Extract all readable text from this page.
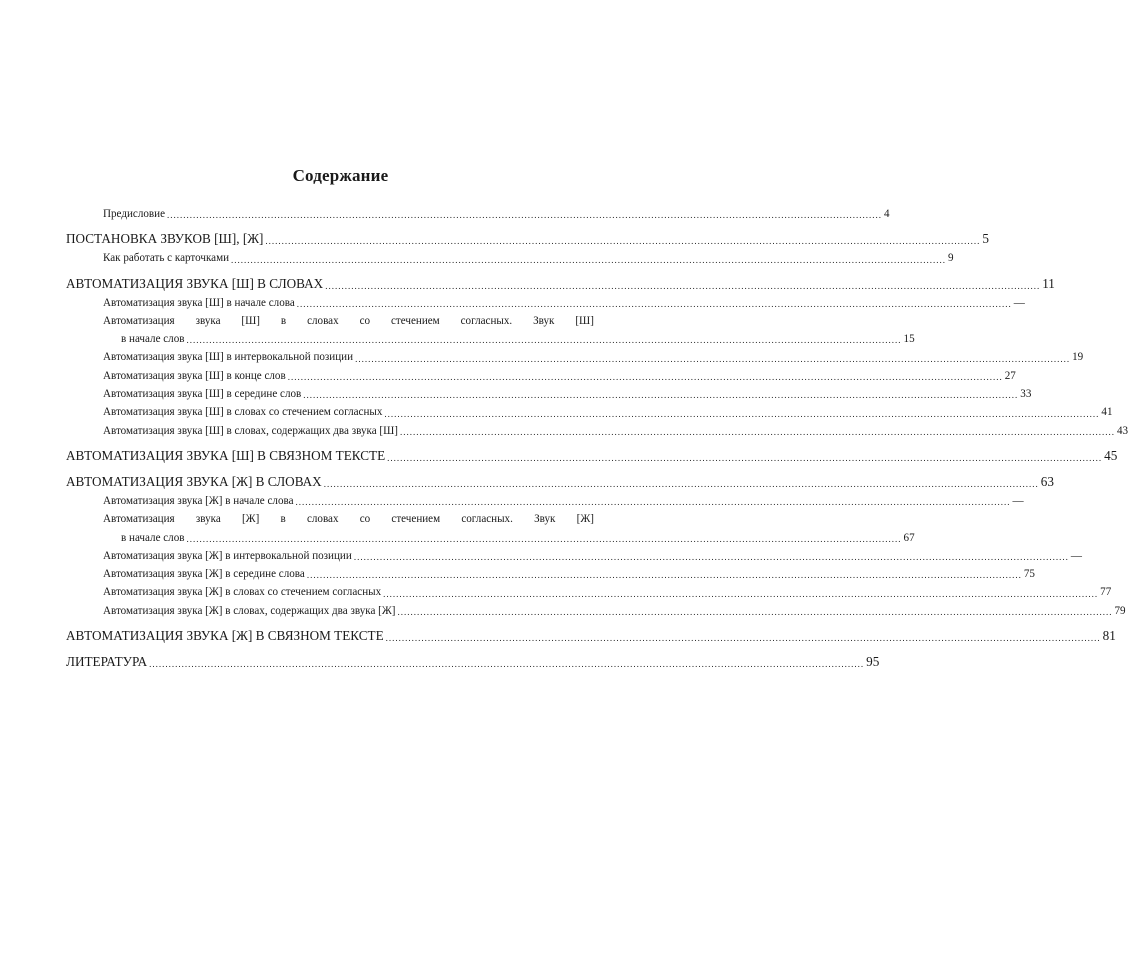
Содержание
Предисловие ............................................................................................................................................................................................................................ 4
ПОСТАНОВКА ЗВУКОВ [Ш], [Ж] ............................................................................................................................................................................................................................ 5
Как работать с карточками ............................................................................................................................................................................................................................ 9
АВТОМАТИЗАЦИЯ ЗВУКА [Ш] В СЛОВАХ ............................................................................................................................................................................................................................ 11
Автоматизация звука [Ш] в начале слова ............................................................................................................................................................................................................................ —
Автоматизация звука [Ш] в словах со стечением согласных. Звук [Ш]
в начале слов ............................................................................................................................................................................................................................ 15
Автоматизация звука [Ш] в интервокальной позиции ............................................................................................................................................................................................................................ 19
Автоматизация звука [Ш] в конце слов ............................................................................................................................................................................................................................ 27
Автоматизация звука [Ш] в середине слов ............................................................................................................................................................................................................................ 33
Автоматизация звука [Ш] в словах со стечением согласных ............................................................................................................................................................................................................................ 41
Автоматизация звука [Ш] в словах, содержащих два звука [Ш] ............................................................................................................................................................................................................................ 43
АВТОМАТИЗАЦИЯ ЗВУКА [Ш] В СВЯЗНОМ ТЕКСТЕ ............................................................................................................................................................................................................................ 45
АВТОМАТИЗАЦИЯ ЗВУКА [Ж] В СЛОВАХ ............................................................................................................................................................................................................................ 63
Автоматизация звука [Ж] в начале слова ............................................................................................................................................................................................................................ —
Автоматизация звука [Ж] в словах со стечением согласных. Звук [Ж]
в начале слов ............................................................................................................................................................................................................................ 67
Автоматизация звука [Ж] в интервокальной позиции ............................................................................................................................................................................................................................ —
Автоматизация звука [Ж] в середине слова ............................................................................................................................................................................................................................ 75
Автоматизация звука [Ж] в словах со стечением согласных ............................................................................................................................................................................................................................ 77
Автоматизация звука [Ж] в словах, содержащих два звука [Ж] ............................................................................................................................................................................................................................ 79
АВТОМАТИЗАЦИЯ ЗВУКА [Ж] В СВЯЗНОМ ТЕКСТЕ ............................................................................................................................................................................................................................ 81
ЛИТЕРАТУРА ............................................................................................................................................................................................................................ 95
